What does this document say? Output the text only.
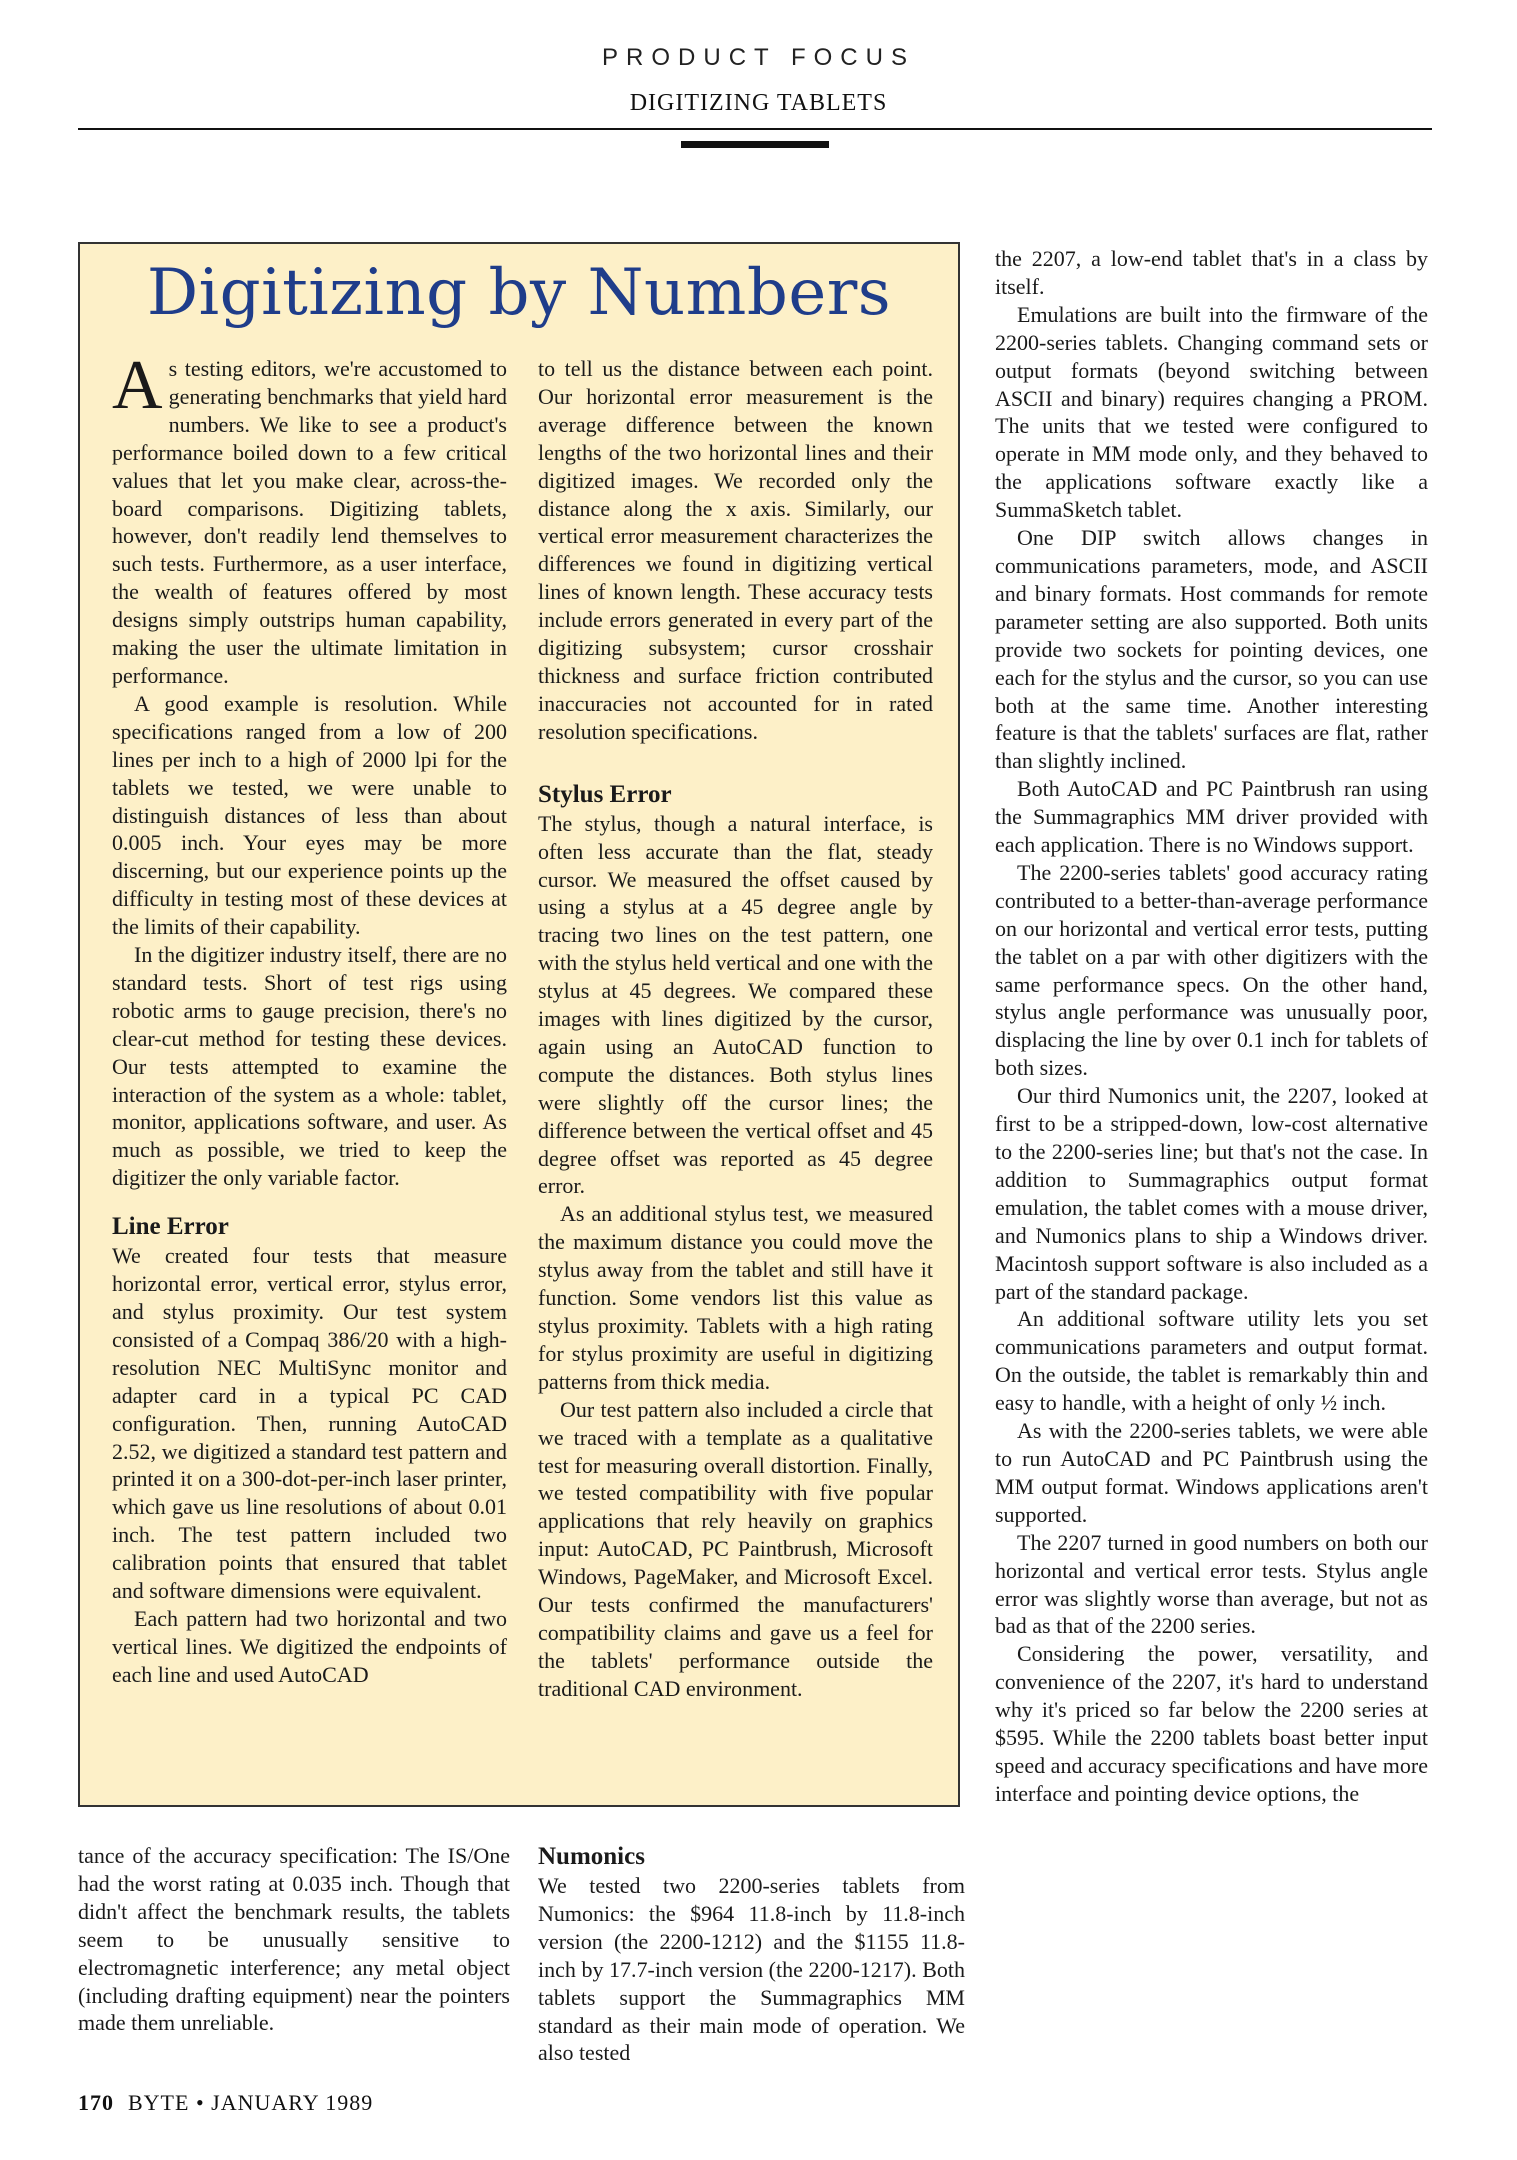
PRODUCT FOCUS
DIGITIZING TABLETS
Digitizing by Numbers

As testing editors, we're accustomed to generating benchmarks that yield hard numbers. We like to see a product's performance boiled down to a few critical values that let you make clear, across-the-board comparisons. Digitizing tablets, however, don't readily lend themselves to such tests. Furthermore, as a user interface, the wealth of features offered by most designs simply outstrips human capability, making the user the ultimate limitation in performance.

A good example is resolution. While specifications ranged from a low of 200 lines per inch to a high of 2000 lpi for the tablets we tested, we were unable to distinguish distances of less than about 0.005 inch. Your eyes may be more discerning, but our experience points up the difficulty in testing most of these devices at the limits of their capability.

In the digitizer industry itself, there are no standard tests. Short of test rigs using robotic arms to gauge precision, there's no clear-cut method for testing these devices. Our tests attempted to examine the interaction of the system as a whole: tablet, monitor, applications software, and user. As much as possible, we tried to keep the digitizer the only variable factor.

Line Error

We created four tests that measure horizontal error, vertical error, stylus error, and stylus proximity. Our test system consisted of a Compaq 386/20 with a high-resolution NEC MultiSync monitor and adapter card in a typical PC CAD configuration. Then, running AutoCAD 2.52, we digitized a standard test pattern and printed it on a 300-dot-per-inch laser printer, which gave us line resolutions of about 0.01 inch. The test pattern included two calibration points that ensured that tablet and software dimensions were equivalent.

Each pattern had two horizontal and two vertical lines. We digitized the endpoints of each line and used AutoCAD

to tell us the distance between each point. Our horizontal error measurement is the average difference between the known lengths of the two horizontal lines and their digitized images. We recorded only the distance along the x axis. Similarly, our vertical error measurement characterizes the differences we found in digitizing vertical lines of known length. These accuracy tests include errors generated in every part of the digitizing subsystem; cursor crosshair thickness and surface friction contributed inaccuracies not accounted for in rated resolution specifications.

Stylus Error

The stylus, though a natural interface, is often less accurate than the flat, steady cursor. We measured the offset caused by using a stylus at a 45 degree angle by tracing two lines on the test pattern, one with the stylus held vertical and one with the stylus at 45 degrees. We compared these images with lines digitized by the cursor, again using an AutoCAD function to compute the distances. Both stylus lines were slightly off the cursor lines; the difference between the vertical offset and 45 degree offset was reported as 45 degree error.

As an additional stylus test, we measured the maximum distance you could move the stylus away from the tablet and still have it function. Some vendors list this value as stylus proximity. Tablets with a high rating for stylus proximity are useful in digitizing patterns from thick media.

Our test pattern also included a circle that we traced with a template as a qualitative test for measuring overall distortion. Finally, we tested compatibility with five popular applications that rely heavily on graphics input: AutoCAD, PC Paintbrush, Microsoft Windows, PageMaker, and Microsoft Excel. Our tests confirmed the manufacturers' compatibility claims and gave us a feel for the tablets' performance outside the traditional CAD environment.

the 2207, a low-end tablet that's in a class by itself.

Emulations are built into the firmware of the 2200-series tablets. Changing command sets or output formats (beyond switching between ASCII and binary) requires changing a PROM. The units that we tested were configured to operate in MM mode only, and they behaved to the applications software exactly like a SummaSketch tablet.

One DIP switch allows changes in communications parameters, mode, and ASCII and binary formats. Host commands for remote parameter setting are also supported. Both units provide two sockets for pointing devices, one each for the stylus and the cursor, so you can use both at the same time. Another interesting feature is that the tablets' surfaces are flat, rather than slightly inclined.

Both AutoCAD and PC Paintbrush ran using the Summagraphics MM driver provided with each application. There is no Windows support.

The 2200-series tablets' good accuracy rating contributed to a better-than-average performance on our horizontal and vertical error tests, putting the tablet on a par with other digitizers with the same performance specs. On the other hand, stylus angle performance was unusually poor, displacing the line by over 0.1 inch for tablets of both sizes.

Our third Numonics unit, the 2207, looked at first to be a stripped-down, low-cost alternative to the 2200-series line; but that's not the case. In addition to Summagraphics output format emulation, the tablet comes with a mouse driver, and Numonics plans to ship a Windows driver. Macintosh support software is also included as a part of the standard package.

An additional software utility lets you set communications parameters and output format. On the outside, the tablet is remarkably thin and easy to handle, with a height of only ½ inch.

As with the 2200-series tablets, we were able to run AutoCAD and PC Paintbrush using the MM output format. Windows applications aren't supported.

The 2207 turned in good numbers on both our horizontal and vertical error tests. Stylus angle error was slightly worse than average, but not as bad as that of the 2200 series.

Considering the power, versatility, and convenience of the 2207, it's hard to understand why it's priced so far below the 2200 series at $595. While the 2200 tablets boast better input speed and accuracy specifications and have more interface and pointing device options, the

tance of the accuracy specification: The IS/One had the worst rating at 0.035 inch. Though that didn't affect the benchmark results, the tablets seem to be unusually sensitive to electromagnetic interference; any metal object (including drafting equipment) near the pointers made them unreliable.

Numonics

We tested two 2200-series tablets from Numonics: the $964 11.8-inch by 11.8-inch version (the 2200-1212) and the $1155 11.8-inch by 17.7-inch version (the 2200-1217). Both tablets support the Summagraphics MM standard as their main mode of operation. We also tested

170 BYTE • JANUARY 1989
